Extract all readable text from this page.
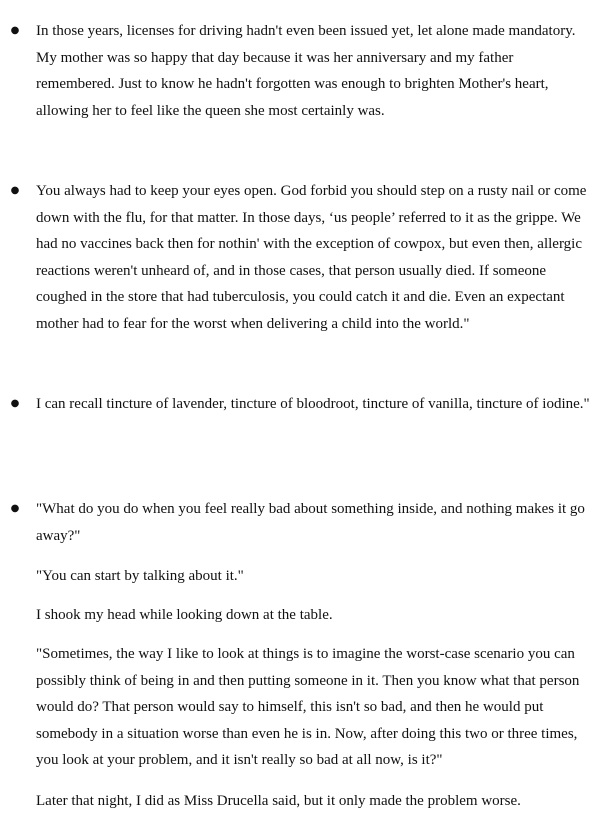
● In those years, licenses for driving hadn't even been issued yet, let alone made mandatory. My mother was so happy that day because it was her anniversary and my father remembered. Just to know he hadn't forgotten was enough to brighten Mother's heart, allowing her to feel like the queen she most certainly was.

● You always had to keep your eyes open. God forbid you should step on a rusty nail or come down with the flu, for that matter. In those days, ‘us people’ referred to it as the grippe. We had no vaccines back then for nothin' with the exception of cowpox, but even then, allergic reactions weren't unheard of, and in those cases, that person usually died. If someone coughed in the store that had tuberculosis, you could catch it and die. Even an expectant mother had to fear for the worst when delivering a child into the world."

● I can recall tincture of lavender, tincture of bloodroot, tincture of vanilla, tincture of iodine."

● "What do you do when you feel really bad about something inside, and nothing makes it go away?"

"You can start by talking about it."

I shook my head while looking down at the table.

"Sometimes, the way I like to look at things is to imagine the worst-case scenario you can possibly think of being in and then putting someone in it. Then you know what that person would do? That person would say to himself, this isn't so bad, and then he would put somebody in a situation worse than even he is in. Now, after doing this two or three times, you look at your problem, and it isn't really so bad at all now, is it?"

Later that night, I did as Miss Drucella said, but it only made the problem worse.
